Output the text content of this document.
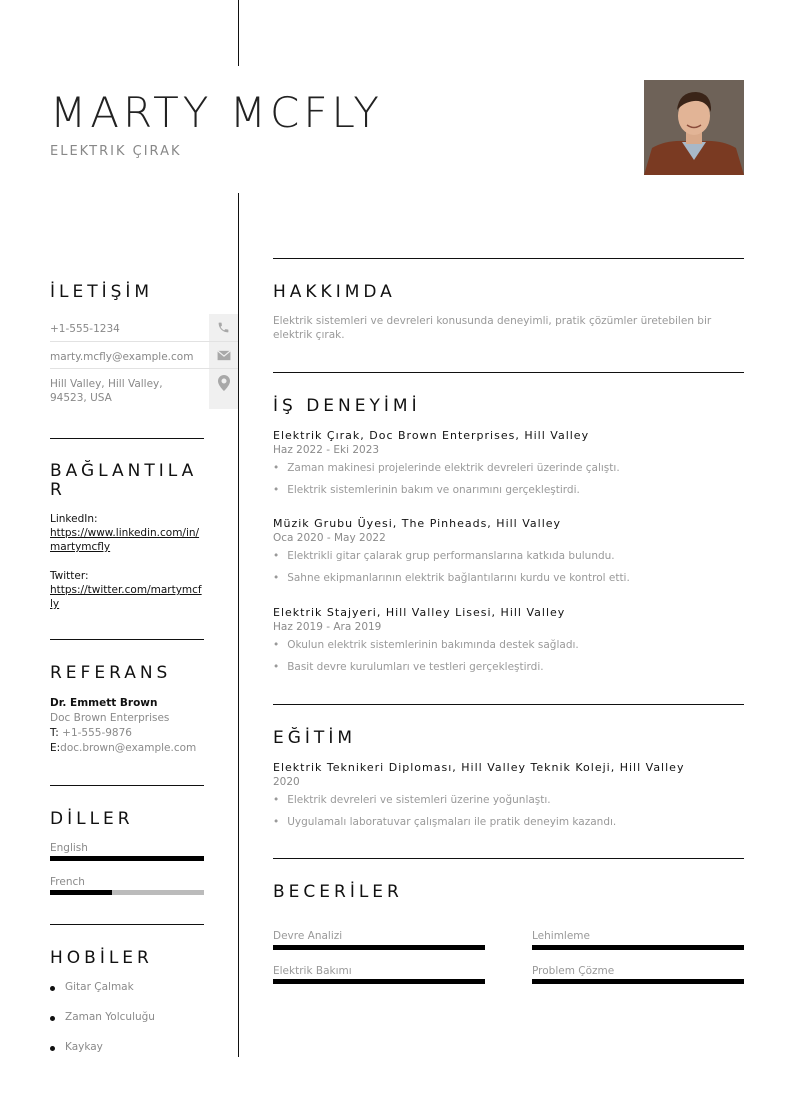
MARTY MCFLY
ELEKTRIK ÇIRAK
İLETİŞİM
+1-555-1234
marty.mcfly@example.com
Hill Valley, Hill Valley, 94523, USA
BAĞLANTILAR
LinkedIn:
https://www.linkedin.com/in/martymcfly
Twitter:
https://twitter.com/martymcfly
REFERANS
Dr. Emmett Brown
Doc Brown Enterprises
T: +1-555-9876
E:doc.brown@example.com
DİLLER
English
French
HOBİLER
Gitar Çalmak
Zaman Yolculuğu
Kaykay
HAKKIMDA
Elektrik sistemleri ve devreleri konusunda deneyimli, pratik çözümler üretebilen bir elektrik çırak.
İŞ DENEYİMİ
Elektrik Çırak, Doc Brown Enterprises, Hill Valley
Haz 2022 - Eki 2023
• Zaman makinesi projelerinde elektrik devreleri üzerinde çalıştı.
• Elektrik sistemlerinin bakım ve onarımını gerçekleştirdi.
Müzik Grubu Üyesi, The Pinheads, Hill Valley
Oca 2020 - May 2022
• Elektrikli gitar çalarak grup performanslarına katkıda bulundu.
• Sahne ekipmanlarının elektrik bağlantılarını kurdu ve kontrol etti.
Elektrik Stajyeri, Hill Valley Lisesi, Hill Valley
Haz 2019 - Ara 2019
• Okulun elektrik sistemlerinin bakımında destek sağladı.
• Basit devre kurulumları ve testleri gerçekleştirdi.
EĞİTİM
Elektrik Teknikeri Diploması, Hill Valley Teknik Koleji, Hill Valley
2020
• Elektrik devreleri ve sistemleri üzerine yoğunlaştı.
• Uygulamalı laboratuvar çalışmaları ile pratik deneyim kazandı.
BECERİLER
Devre Analizi	Lehimleme
Elektrik Bakımı	Problem Çözme
